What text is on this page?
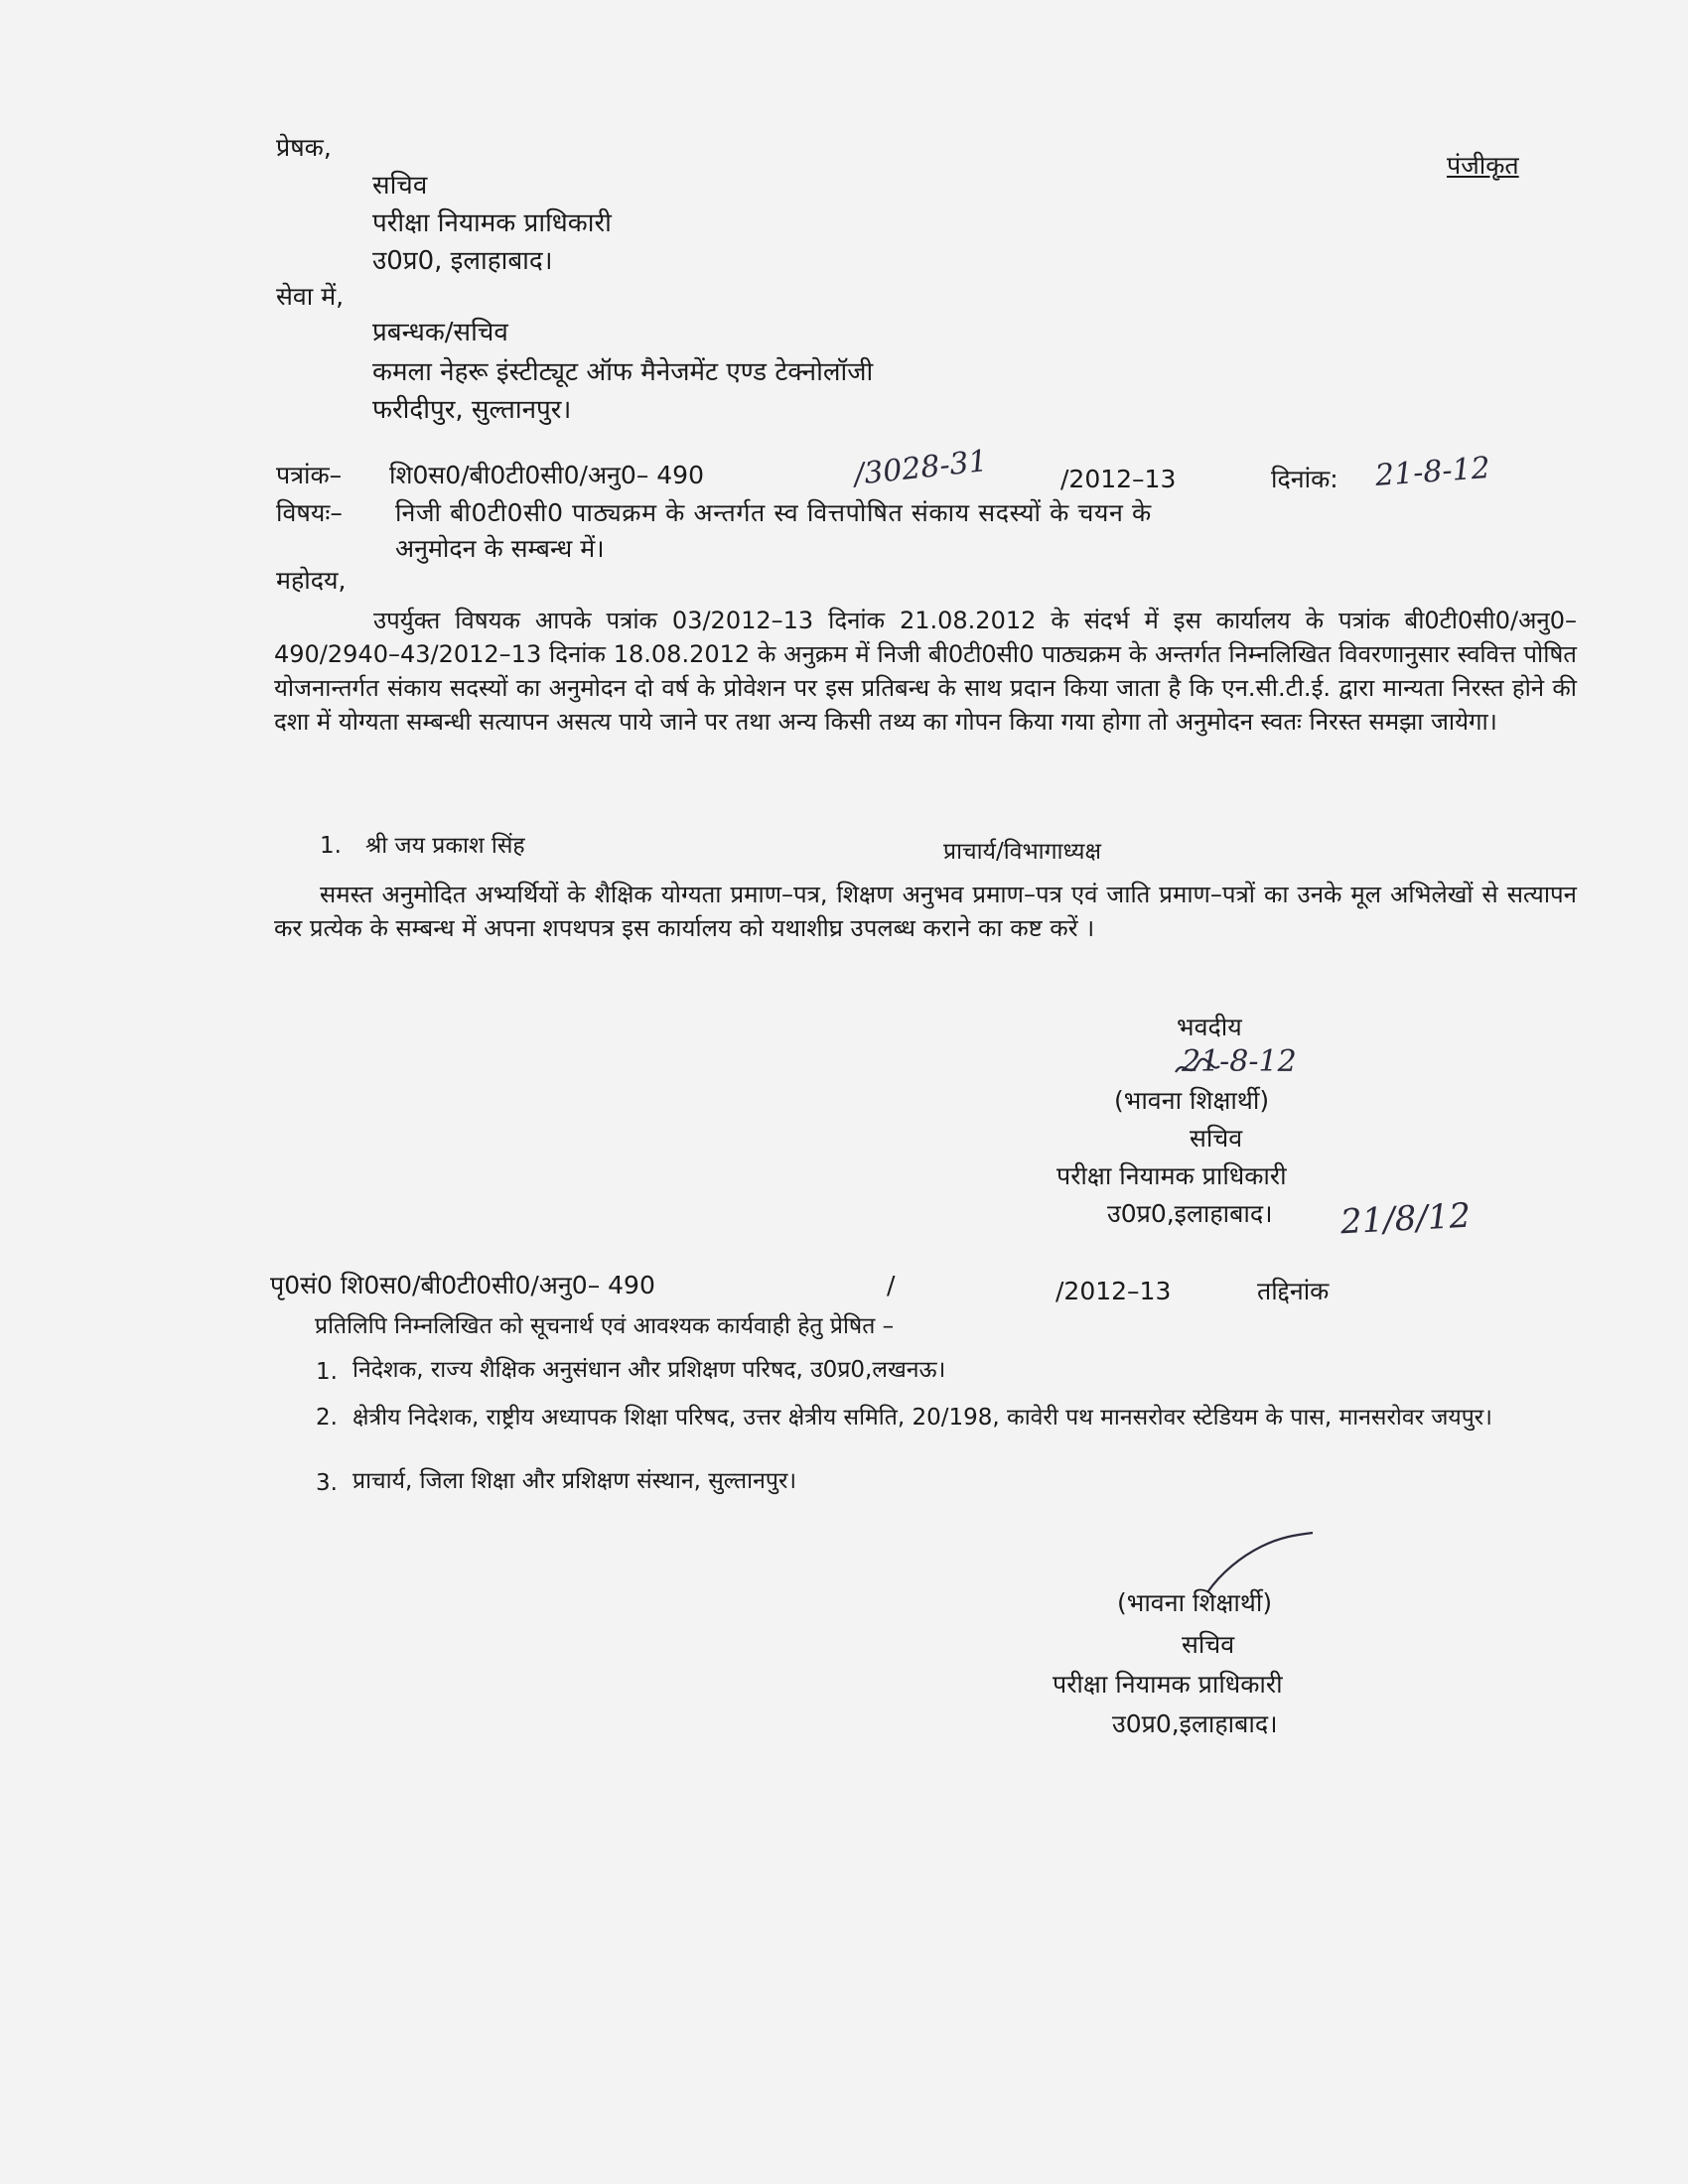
प्रेषक,
पंजीकृत
सचिव
परीक्षा नियामक प्राधिकारी
उ0प्र0, इलाहाबाद।
सेवा में,
प्रबन्धक/सचिव
कमला नेहरू इंस्टीट्यूट ऑफ मैनेजमेंट एण्ड टेक्नोलॉजी
फरीदीपुर, सुल्तानपुर।
पत्रांक– शि0स0/बी0टी0सी0/अनु0– 490	/3028-31	/2012–13	दिनांक: 21-8-12
विषयः– निजी बी0टी0सी0 पाठ्यक्रम के अन्तर्गत स्व वित्तपोषित संकाय सदस्यों के चयन के
अनुमोदन के सम्बन्ध में।
महोदय,
उपर्युक्त विषयक आपके पत्रांक 03/2012–13 दिनांक 21.08.2012 के संदर्भ में इस कार्यालय के पत्रांक बी0टी0सी0/अनु0–490/2940–43/2012–13 दिनांक 18.08.2012 के अनुक्रम में निजी बी0टी0सी0 पाठ्यक्रम के अन्तर्गत निम्नलिखित विवरणानुसार स्ववित्त पोषित योजनान्तर्गत संकाय सदस्यों का अनुमोदन दो वर्ष के प्रोवेशन पर इस प्रतिबन्ध के साथ प्रदान किया जाता है कि एन.सी.टी.ई. द्वारा मान्यता निरस्त होने की दशा में योग्यता सम्बन्धी सत्यापन असत्य पाये जाने पर तथा अन्य किसी तथ्य का गोपन किया गया होगा तो अनुमोदन स्वतः निरस्त समझा जायेगा।
1. श्री जय प्रकाश सिंह	प्राचार्य/विभागाध्यक्ष
समस्त अनुमोदित अभ्यर्थियों के शैक्षिक योग्यता प्रमाण–पत्र, शिक्षण अनुभव प्रमाण–पत्र एवं जाति प्रमाण–पत्रों का उनके मूल अभिलेखों से सत्यापन कर प्रत्येक के सम्बन्ध में अपना शपथपत्र इस कार्यालय को यथाशीघ्र उपलब्ध कराने का कष्ट करें ।
भवदीय
21-8-12
(भावना शिक्षार्थी)
सचिव
परीक्षा नियामक प्राधिकारी
उ0प्र0,इलाहाबाद। 21/8/12
पृ0सं0 शि0स0/बी0टी0सी0/अनु0– 490	/	/2012–13	तद्दिनांक
प्रतिलिपि निम्नलिखित को सूचनार्थ एवं आवश्यक कार्यवाही हेतु प्रेषित –
1. निदेशक, राज्य शैक्षिक अनुसंधान और प्रशिक्षण परिषद, उ0प्र0,लखनऊ।
2. क्षेत्रीय निदेशक, राष्ट्रीय अध्यापक शिक्षा परिषद, उत्तर क्षेत्रीय समिति, 20/198, कावेरी पथ मानसरोवर स्टेडियम के पास, मानसरोवर जयपुर।
3. प्राचार्य, जिला शिक्षा और प्रशिक्षण संस्थान, सुल्तानपुर।
(भावना शिक्षार्थी)
सचिव
परीक्षा नियामक प्राधिकारी
उ0प्र0,इलाहाबाद।
